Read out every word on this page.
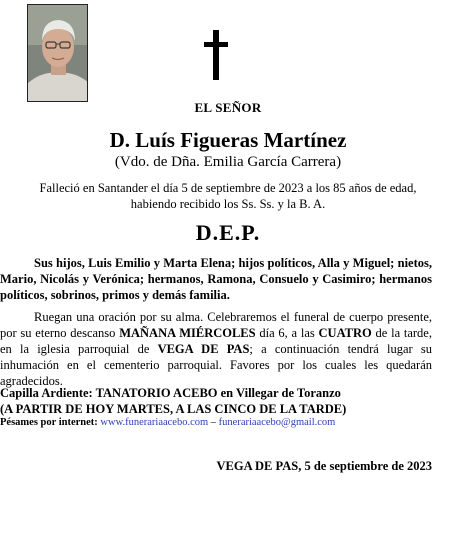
EL SEÑOR
D. Luís Figueras Martínez
(Vdo. de Dña. Emilia García Carrera)
Falleció en Santander el día 5 de septiembre de 2023 a los 85 años de edad,
habiendo recibido los Ss. Ss. y la B. A.
D.E.P.
Sus hijos, Luis Emilio y Marta Elena; hijos políticos, Alla y Miguel; nietos, Mario, Nicolás y Verónica; hermanos, Ramona, Consuelo y Casimiro; hermanos políticos, sobrinos, primos y demás familia.
Ruegan una oración por su alma. Celebraremos el funeral de cuerpo presente, por su eterno descanso MAÑANA MIÉRCOLES día 6, a las CUATRO de la tarde, en la iglesia parroquial de VEGA DE PAS; a continuación tendrá lugar su inhumación en el cementerio parroquial. Favores por los cuales les quedarán agradecidos.
Capilla Ardiente: TANATORIO ACEBO en Villegar de Toranzo
(A PARTIR DE HOY MARTES, A LAS CINCO DE LA TARDE)
Pésames por internet: www.funerariaacebo.com – funerariaacebo@gmail.com
VEGA DE PAS, 5 de septiembre de 2023
